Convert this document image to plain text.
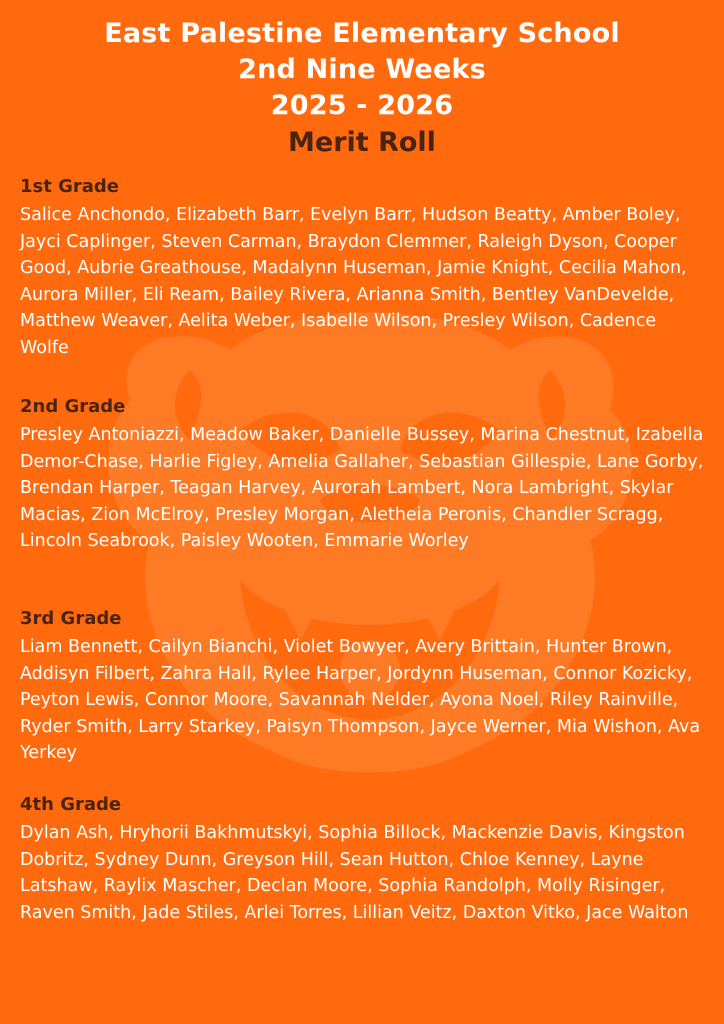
East Palestine Elementary School
2nd Nine Weeks
2025 - 2026
Merit Roll
1st Grade

Salice Anchondo, Elizabeth Barr, Evelyn Barr, Hudson Beatty, Amber Boley, Jayci Caplinger, Steven Carman, Braydon Clemmer, Raleigh Dyson, Cooper Good, Aubrie Greathouse, Madalynn Huseman, Jamie Knight, Cecilia Mahon, Aurora Miller, Eli Ream, Bailey Rivera, Arianna Smith, Bentley VanDevelde, Matthew Weaver, Aelita Weber, Isabelle Wilson, Presley Wilson, Cadence Wolfe

2nd Grade

Presley Antoniazzi, Meadow Baker, Danielle Bussey, Marina Chestnut, Izabella Demor-Chase, Harlie Figley, Amelia Gallaher, Sebastian Gillespie, Lane Gorby, Brendan Harper, Teagan Harvey, Aurorah Lambert, Nora Lambright, Skylar Macias, Zion McElroy, Presley Morgan, Aletheia Peronis, Chandler Scragg, Lincoln Seabrook, Paisley Wooten, Emmarie Worley

3rd Grade

Liam Bennett, Cailyn Bianchi, Violet Bowyer, Avery Brittain, Hunter Brown, Addisyn Filbert, Zahra Hall, Rylee Harper, Jordynn Huseman, Connor Kozicky, Peyton Lewis, Connor Moore, Savannah Nelder, Ayona Noel, Riley Rainville, Ryder Smith, Larry Starkey, Paisyn Thompson, Jayce Werner, Mia Wishon, Ava Yerkey

4th Grade

Dylan Ash, Hryhorii Bakhmutskyi, Sophia Billock, Mackenzie Davis, Kingston Dobritz, Sydney Dunn, Greyson Hill, Sean Hutton, Chloe Kenney, Layne Latshaw, Raylix Mascher, Declan Moore, Sophia Randolph, Molly Risinger, Raven Smith, Jade Stiles, Arlei Torres, Lillian Veitz, Daxton Vitko, Jace Walton
